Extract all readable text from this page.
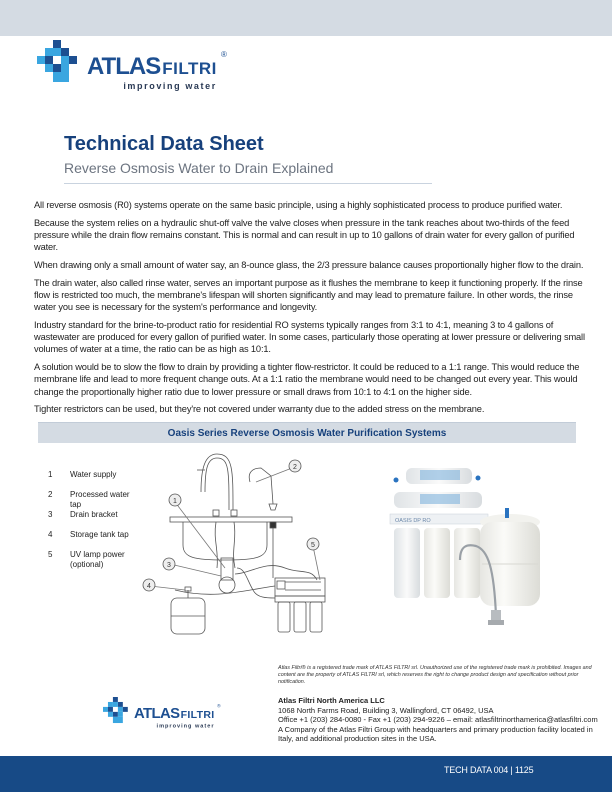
ATLAS FILTRI
®
improving water
Technical Data Sheet
Reverse Osmosis Water to Drain Explained

All reverse osmosis (R0) systems operate on the same basic principle, using a highly sophisticated process to produce purified water.

Because the system relies on a hydraulic shut-off valve the valve closes when pressure in the tank reaches about two-thirds of the feed pressure while the drain flow remains constant. This is normal and can result in up to 10 gallons of drain water for every gallon of purified water.

When drawing only a small amount of water say, an 8-ounce glass, the 2/3 pressure balance causes proportionally higher flow to the drain.

The drain water, also called rinse water, serves an important purpose as it flushes the membrane to keep it functioning properly. If the rinse flow is restricted too much, the membrane's lifespan will shorten significantly and may lead to premature failure. In other words, the rinse water you see is necessary for the system's performance and longevity.

Industry standard for the brine-to-product ratio for residential RO systems typically ranges from 3:1 to 4:1, meaning 3 to 4 gallons of wastewater are produced for every gallon of purified water. In some cases, particularly those operating at lower pressure or delivering small volumes of water at a time, the ratio can be as high as 10:1.

A solution would be to slow the flow to drain by providing a tighter flow-restrictor. It could be reduced to a 1:1 range. This would reduce the membrane life and lead to more frequent change outs. At a 1:1 ratio the membrane would need to be changed out every year. This would change the proportionally higher ratio due to lower pressure or small draws from 10:1 to 4:1 on the higher side.

Tighter restrictors can be used, but they're not covered under warranty due to the added stress on the membrane.

Oasis Series Reverse Osmosis Water Purification Systems
1	Water supply
2	Processed water tap
3	Drain bracket
4	Storage tank tap
5	UV lamp power (optional)
1
2
3
4
5
OASIS DP RO
Atlas Filtri® is a registered trade mark of ATLAS FILTRI srl. Unauthorized use of the registered trade mark is prohibited. Images and content are the property of ATLAS FILTRI srl, which reserves the right to change product design and specification without prior notification.
Atlas Filtri North America LLC
1068 North Farms Road, Building 3, Wallingford, CT 06492, USA
Office +1 (203) 284-0080 - Fax +1 (203) 294-9226 – email: atlasfiltrinorthamerica@atlasfiltri.com
A Company of the Atlas Filtri Group with headquarters and primary production facility located in Italy, and additional production sites in the USA.
ATLASFILTRI
®
improving water
TECH DATA 004 | 1125
